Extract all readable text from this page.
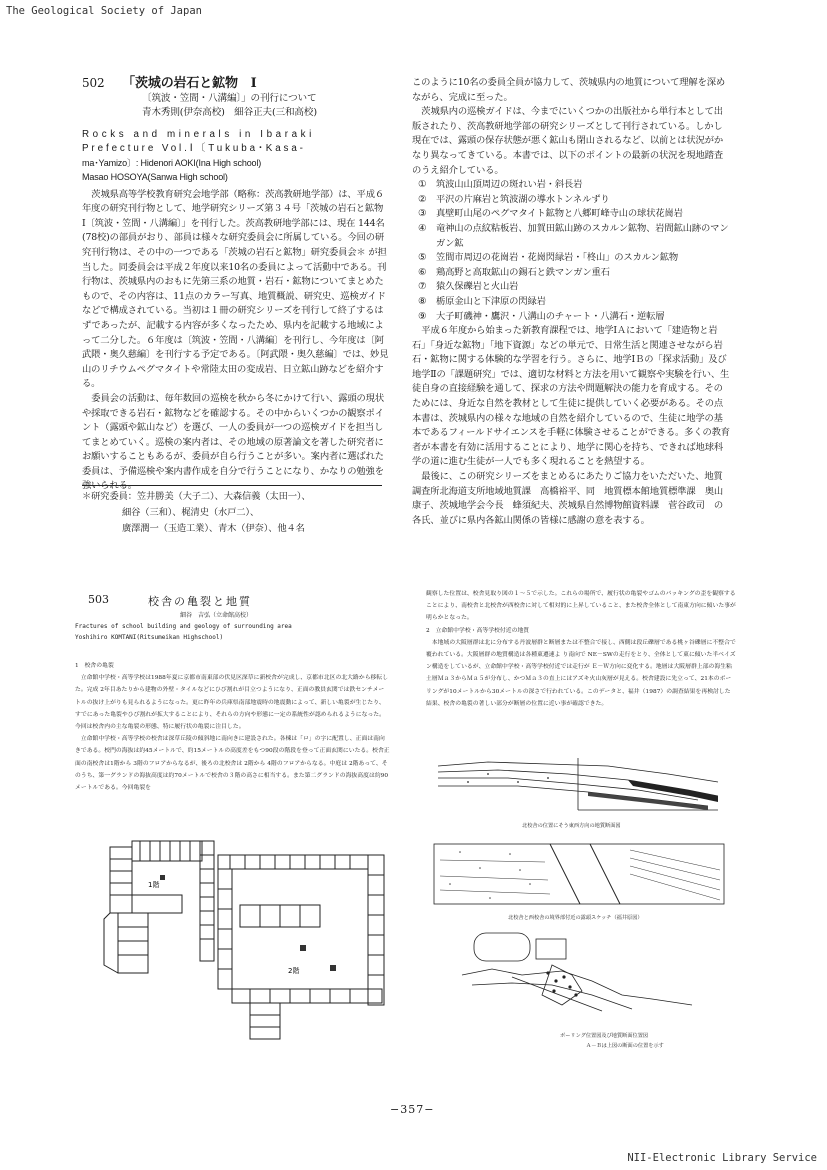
The Geological Society of Japan
502 「茨城の岩石と鉱物　Ⅰ
〔筑波・笠間・八溝編〕」の刊行について
青木秀則(伊奈高校)　細谷正夫(三和高校)
Rocks and minerals in Ibaraki
Prefecture Vol.Ⅰ〔Tukuba･Kasa-
ma･Yamizo〕: Hidenori AOKI(Ina High school)
Masao HOSOYA(Sanwa High school)

茨城県高等学校教育研究会地学部（略称：茨高教研地学部）は、平成６年度の研究刊行物として、地学研究シリーズ第３４号「茨城の岩石と鉱物　Ⅰ〔筑波・笠間・八溝編〕」を刊行した。茨高教研地学部には、現在 144名(78校)の部員がおり、部員は様々な研究委員会に所属している。今回の研究刊行物は、その中の一つである「茨城の岩石と鉱物」研究委員会＊ が担当した。同委員会は平成２年度以来10名の委員によって活動中である。刊行物は、茨城県内のおもに先第三系の地質・岩石・鉱物についてまとめたもので、その内容は、11点のカラー写真、地質概説、研究史、巡検ガイドなどで構成されている。当初は１冊の研究シリーズを刊行して終了するはずであったが、記載する内容が多くなったため、県内を記載する地域によって二分した。６年度は〔筑波・笠間・八溝編〕を刊行し、今年度は〔阿武隈・奥久慈編〕を刊行する予定である。〔阿武隈・奥久慈編〕では、妙見山のリチウムペグマタイトや常陸太田の変成岩、日立鉱山跡などを紹介する。

委員会の活動は、毎年数回の巡検を秋から冬にかけて行い、露頭の現状や採取できる岩石・鉱物などを確認する。その中からいくつかの観察ポイント（露頭や鉱山など）を選び、一人の委員が一つの巡検ガイドを担当してまとめていく。巡検の案内者は、その地域の原著論文を著した研究者にお願いすることもあるが、委員が自ら行うことが多い。案内者に選ばれた委員は、予備巡検や案内書作成を自分で行うことになり、かなりの勉強を強いられる。

＊研究委員：笠井勝美（大子二）、大森信義（太田一）、
細谷（三和）、梶清史（水戸二）、
廣澤潤一（玉造工業）、青木（伊奈）、他４名

このように10名の委員全員が協力して、茨城県内の地質について理解を深めながら、完成に至った。

茨城県内の巡検ガイドは、今までにいくつかの出版社から単行本として出版されたり、茨高教研地学部の研究シリーズとして刊行されている。しかし現在では、露頭の保存状態が悪く鉱山も閉山されるなど、以前とは状況がかなり異なってきている。本書では、以下のポイントの最新の状況を現地踏査のうえ紹介している。

① 筑波山山頂周辺の斑れい岩・斜長岩
② 平沢の片麻岩と筑波湖の導水トンネルずり
③ 真壁町山尾のペグマタイト鉱物と八郷町峰寺山の球状花崗岩
④ 竜神山の点紋粘板岩、加賀田鉱山跡のスカルン鉱物、岩間鉱山跡のマンガン鉱
⑤ 笠間市周辺の花崗岩・花崗閃緑岩・「柊山」のスカルン鉱物
⑥ 鶏高野と高取鉱山の錫石と鉄マンガン重石
⑦ 猿久保礫岩と火山岩
⑧ 栃原金山と下津原の閃緑岩
⑨ 大子町磯神・鷹沢・八溝山のチャート・八溝石・逆転層

平成６年度から始まった新教育課程では、地学ⅠＡにおいて「建造物と岩石」「身近な鉱物」「地下資源」などの単元で、日常生活と関連させながら岩石・鉱物に関する体験的な学習を行う。さらに、地学ⅠＢの「探求活動」及び地学Ⅱの「課題研究」では、適切な材料と方法を用いて観察や実験を行い、生徒自身の直接経験を通して、探求の方法や問題解決の能力を育成する。そのためには、身近な自然を教材として生徒に提供していく必要がある。その点本書は、茨城県内の様々な地域の自然を紹介しているので、生徒に地学の基本であるフィールドサイエンスを手軽に体験させることができる。多くの教育者が本書を有効に活用することにより、地学に関心を持ち、できれば地球科学の道に進む生徒が一人でも多く現れることを熱望する。

最後に、この研究シリーズをまとめるにあたりご協力をいただいた、地質調査所北海道支所地域地質課　高橋裕平、同　地質標本館地質標準課　奥山康子、茨城地学会今長　蜂須紀夫、茨城県自然博物館資料課　菅谷政司　の各氏、並びに県内各鉱山関係の皆様に感謝の意を表する。

503	校舎の亀裂と地質
細谷　吉弘（立命館高校）
Fractures of school building and geology of surrounding area
Yoshihiro KOMTANI(Ritsumeikan Highschool)
1　校舎の亀裂

立命館中学校・高等学校は1988年夏に京都市南東部の伏見区深草に新校舎が完成し、京都市北区の北大路から移転した。完成 2年目あたりから建物の外壁・タイルなどにひび割れが目立つようになり、正面の教員玄関では鉄センチメートルの抜け上がりも見られるようになった。更に昨年の兵庫県南部地震時の地震動によって、新しい亀裂が生じたり、すでにあった亀裂やひび割れが拡大することにより、それらの方向や形態に一定の系統性が認められるようになった。今回は校舎内の主な亀裂の形態、特に履行状の亀裂に注目した。

立命館中学校・高等学校の校舎は深草丘陵の傾斜地に南向きに建設された。各棟は「ロ」の字に配置し、正面は南向きである。校門の海抜は約45メートルで、約15メートルの高度差をもつ90段の階段を登って正面玄関にいたる。校舎正面の南校舎は1階から 3階のフロアからなるが、後ろの北校舎は 2階から 4階のフロアからなる。中庭は 2階あって、そのうち、第一グランドの海抜高度は約70メートルで校舎の３階の高さに相当する。また第二グランドの海抜高度は約90メートルである。今回亀裂を

観察した位置は、校舎見取り図の１～５で示した。これらの場所で、履行状の亀裂やゴムのパッキングの歪を観察することにより、南校舎と北校舎が西校舎に対して相対的に上昇していること、また校舎全体として南東方向に傾いた事が明らかとなった。

2　立命館中学校・高等学校付近の地質

本地域の大阪層群は北に分布する丹波層群と断層または不整合で接し、西側は段丘礫層である桃ヶ谷礫層に不整合で覆われている。大阪層群の地質構造は各種東遷速よ り南向で NE－SWの走行をとり、全体として東に傾いた半ベイズン構造をしているが、立命館中学校・高等学校付近では走行が Ｅ－Ｗ方向に変化する。地層は大阪層群上部の海生粘土層Ｍａ３からＭａ５が分布し、かつＭａ３の直上にはアズキ火山灰層が見える。校舎建設に先立って、21本のボーリングが10メートルから30メートルの深さで行われている。このデータと、福井（1987）の調査結果を再検討した結果、校舎の亀裂の著しい部分が断層の位置に近い事が確認できた。

1階
2階
北校舎の位置にそう東西方向の地質断面図
北校舎と西校舎の境界部付近の露頭スケッチ（福井原図）
ボーリング位置図及び地質断面位置図
Ａ－Ｂは上図の断面の位置を示す
−357−
NII-Electronic Library Service
